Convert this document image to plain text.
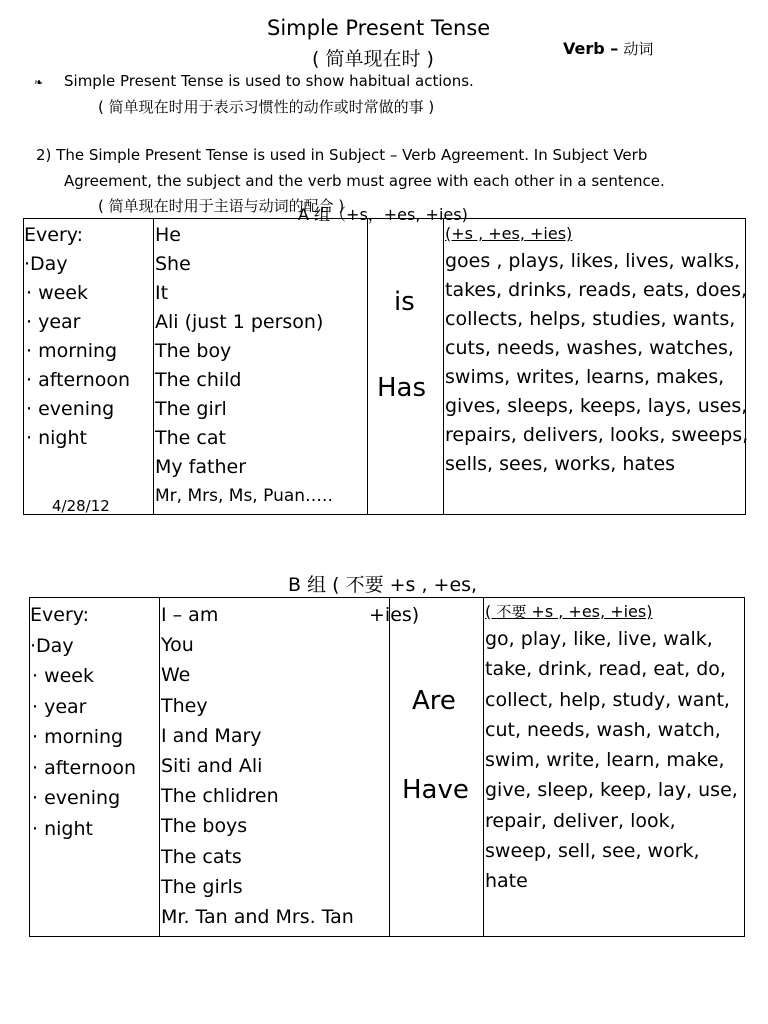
Simple Present Tense
( 简单现在时 )	Verb – 动词
❧ Simple Present Tense is used to show habitual actions.
( 简单现在时用于表示习惯性的动作或时常做的事 )
2) The Simple Present Tense is used in Subject – Verb Agreement. In Subject Verb
Agreement, the subject and the verb must agree with each other in a sentence.
( 简单现在时用于主语与动词的配合 )
A 组（+s，+es, +ies)
Every:
·Day
· week
· year
· morning
· afternoon
· evening
· night
4/28/12
He
She
It
Ali (just 1 person)
The boy
The child
The girl
The cat
My father
Mr, Mrs, Ms, Puan…..
is
Has
(+s , +es, +ies)
goes , plays, likes, lives, walks,
takes, drinks, reads, eats, does,
collects, helps, studies, wants,
cuts, needs, washes, watches,
swims, writes, learns, makes,
gives, sleeps, keeps, lays, uses,
repairs, delivers, looks, sweeps,
sells, sees, works, hates
B 组 ( 不要 +s , +es,
+ies)
Every:
·Day
· week
· year
· morning
· afternoon
· evening
· night
I – am
You
We
They
I and Mary
Siti and Ali
The chlidren
The boys
The cats
The girls
Mr. Tan and Mrs. Tan
Are
Have
( 不要 +s , +es, +ies)
go, play, like, live, walk,
take, drink, read, eat, do,
collect, help, study, want,
cut, needs, wash, watch,
swim, write, learn, make,
give, sleep, keep, lay, use,
repair, deliver, look,
sweep, sell, see, work,
hate
